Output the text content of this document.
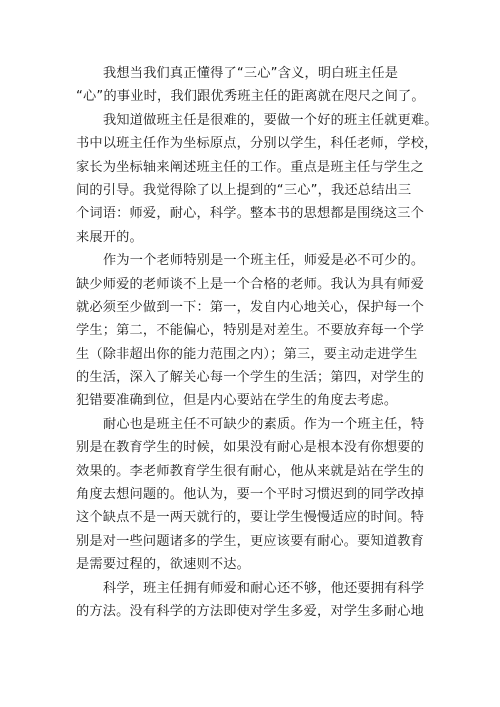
我想当我们真正懂得了“三心”含义，明白班主任是
“心”的事业时，我们跟优秀班主任的距离就在咫尺之间了。
我知道做班主任是很难的，要做一个好的班主任就更难。
书中以班主任作为坐标原点，分别以学生，科任老师，学校，
家长为坐标轴来阐述班主任的工作。重点是班主任与学生之
间的引导。我觉得除了以上提到的“三心”，我还总结出三
个词语：师爱，耐心，科学。整本书的思想都是围绕这三个
来展开的。
作为一个老师特别是一个班主任，师爱是必不可少的。
缺少师爱的老师谈不上是一个合格的老师。我认为具有师爱
就必须至少做到一下：第一，发自内心地关心，保护每一个
学生；第二，不能偏心，特别是对差生。不要放弃每一个学
生（除非超出你的能力范围之内）；第三，要主动走进学生
的生活，深入了解关心每一个学生的生活；第四，对学生的
犯错要准确到位，但是内心要站在学生的角度去考虑。
耐心也是班主任不可缺少的素质。作为一个班主任，特
别是在教育学生的时候，如果没有耐心是根本没有你想要的
效果的。李老师教育学生很有耐心，他从来就是站在学生的
角度去想问题的。他认为，要一个平时习惯迟到的同学改掉
这个缺点不是一两天就行的，要让学生慢慢适应的时间。特
别是对一些问题诸多的学生，更应该要有耐心。要知道教育
是需要过程的，欲速则不达。
科学，班主任拥有师爱和耐心还不够，他还要拥有科学
的方法。没有科学的方法即使对学生多爱，对学生多耐心地
